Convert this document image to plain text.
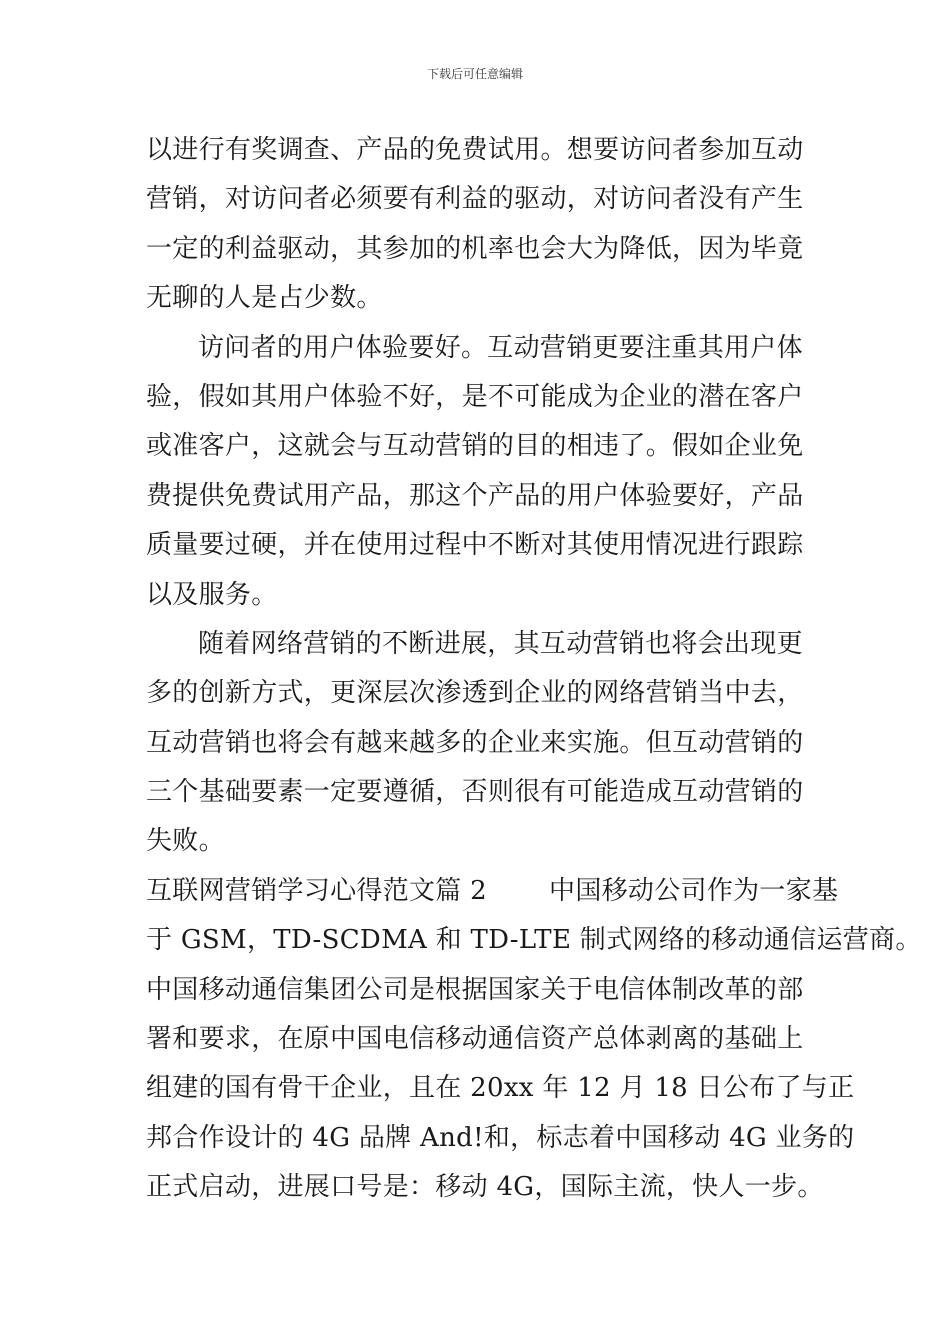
下载后可任意编辑
以进行有奖调查、产品的免费试用。想要访问者参加互动
营销，对访问者必须要有利益的驱动，对访问者没有产生
一定的利益驱动，其参加的机率也会大为降低，因为毕竟
无聊的人是占少数。
访问者的用户体验要好。互动营销更要注重其用户体
验，假如其用户体验不好，是不可能成为企业的潜在客户
或准客户，这就会与互动营销的目的相违了。假如企业免
费提供免费试用产品，那这个产品的用户体验要好，产品
质量要过硬，并在使用过程中不断对其使用情况进行跟踪
以及服务。
随着网络营销的不断进展，其互动营销也将会出现更
多的创新方式，更深层次渗透到企业的网络营销当中去，
互动营销也将会有越来越多的企业来实施。但互动营销的
三个基础要素一定要遵循，否则很有可能造成互动营销的
失败。
互联网营销学习心得范文篇 2 中国移动公司作为一家基
于 GSM，TD-SCDMA 和 TD-LTE 制式网络的移动通信运营商。
中国移动通信集团公司是根据国家关于电信体制改革的部
署和要求，在原中国电信移动通信资产总体剥离的基础上
组建的国有骨干企业，且在 20xx 年 12 月 18 日公布了与正
邦合作设计的 4G 品牌 And!和，标志着中国移动 4G 业务的
正式启动，进展口号是：移动 4G，国际主流，快人一步。
